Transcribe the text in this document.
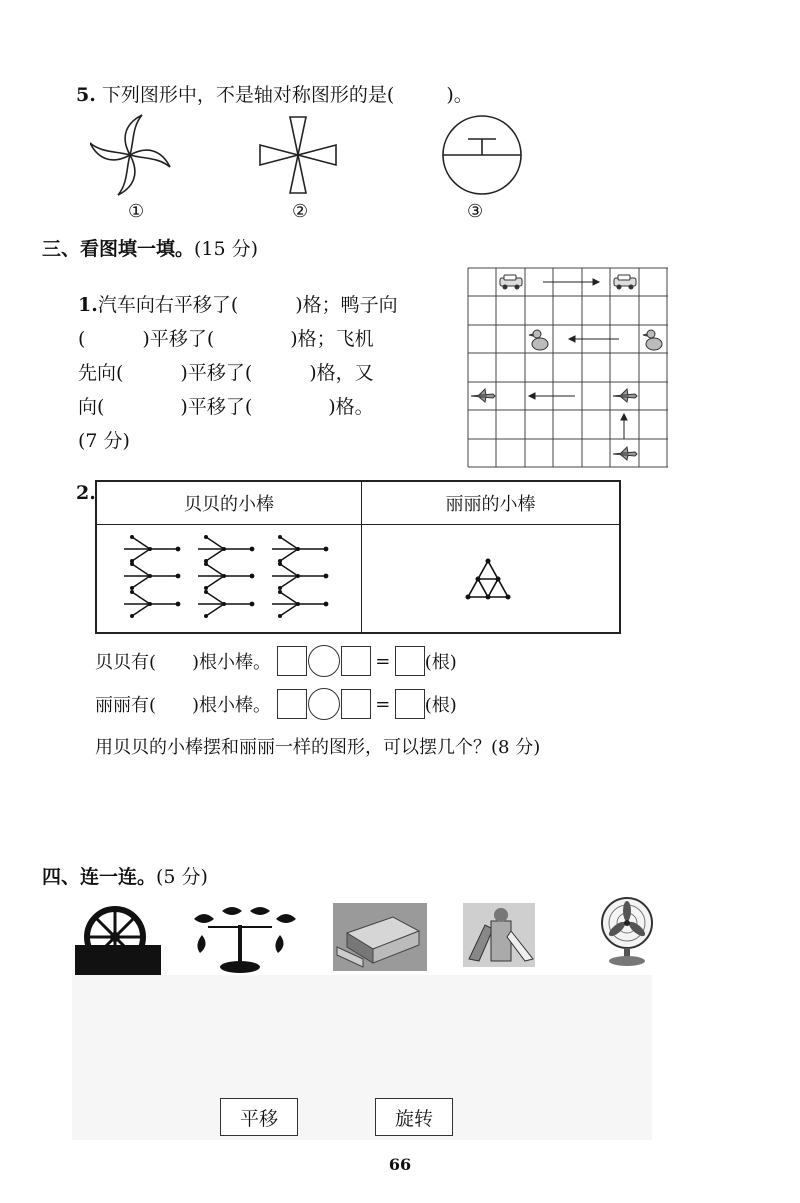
5. 下列图形中，不是轴对称图形的是(	)。
①	②	③
三、看图填一填。(15 分)
1.汽车向右平移了(　　　)格；鸭子向
(　　　)平移了(　　　　)格；飞机
先向(　　　)平移了(　　　)格，又
向(　　　　)平移了(　　　　)格。
(7 分)
2.
贝贝的小棒	丽丽的小棒

贝贝有(　　)根小棒。	= (根)
丽丽有(　　)根小棒。	= (根)
用贝贝的小棒摆和丽丽一样的图形，可以摆几个？(8 分)
四、连一连。(5 分)
平移	旋转
66
